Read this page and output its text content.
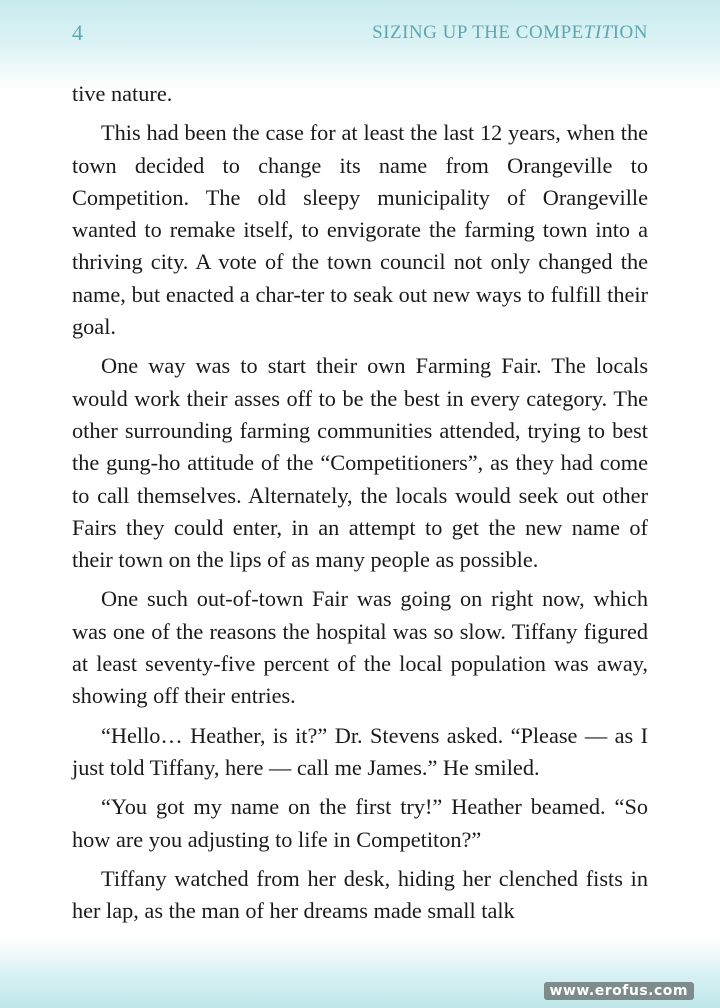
4	SIZING UP THE COMPETITION

tive nature.

This had been the case for at least the last 12 years, when the town decided to change its name from Orangeville to Competition. The old sleepy municipality of Orangeville wanted to remake itself, to envigorate the farming town into a thriving city. A vote of the town council not only changed the name, but enacted a char-ter to seak out new ways to fulfill their goal.

One way was to start their own Farming Fair. The locals would work their asses off to be the best in every category. The other surrounding farming communities attended, trying to best the gung-ho attitude of the “Competitioners”, as they had come to call themselves. Alternately, the locals would seek out other Fairs they could enter, in an attempt to get the new name of their town on the lips of as many people as possible.

One such out-of-town Fair was going on right now, which was one of the reasons the hospital was so slow. Tiffany figured at least seventy-five percent of the local population was away, showing off their entries.

“Hello… Heather, is it?” Dr. Stevens asked. “Please — as I just told Tiffany, here — call me James.” He smiled.

“You got my name on the first try!” Heather beamed. “So how are you adjusting to life in Competiton?”

Tiffany watched from her desk, hiding her clenched fists in her lap, as the man of her dreams made small talk

www.erofus.com
